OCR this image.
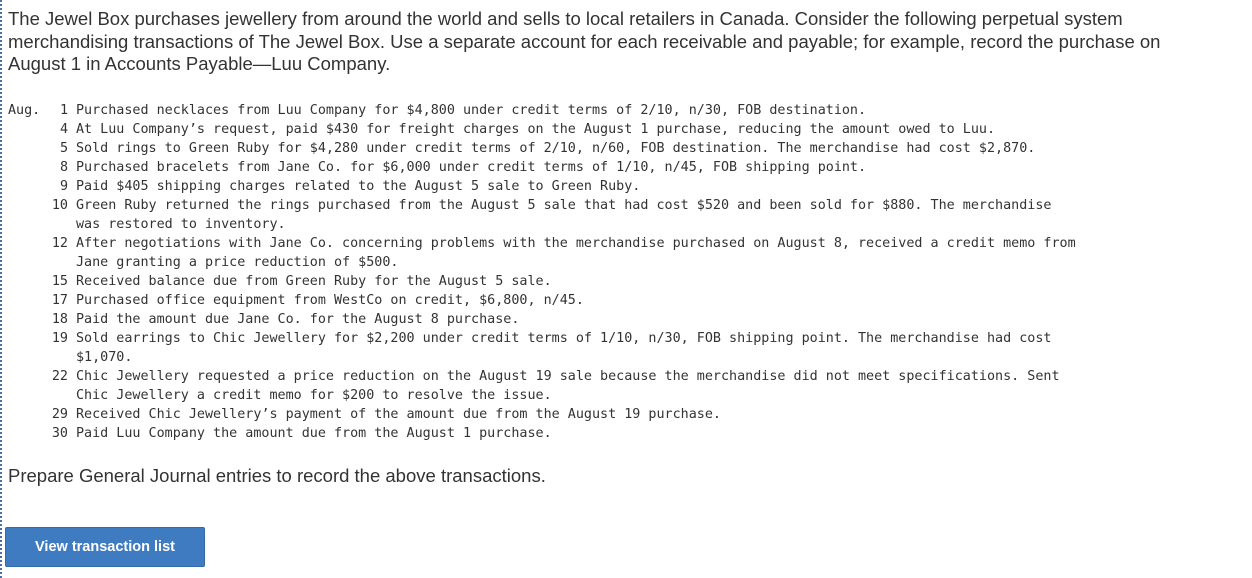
The Jewel Box purchases jewellery from around the world and sells to local retailers in Canada. Consider the following perpetual system merchandising transactions of The Jewel Box. Use a separate account for each receivable and payable; for example, record the purchase on August 1 in Accounts Payable—Luu Company.

Aug.	1 Purchased necklaces from Luu Company for $4,800 under credit terms of 2/10, n/30, FOB destination.
4 At Luu Company’s request, paid $430 for freight charges on the August 1 purchase, reducing the amount owed to Luu.
5 Sold rings to Green Ruby for $4,280 under credit terms of 2/10, n/60, FOB destination. The merchandise had cost $2,870.
8 Purchased bracelets from Jane Co. for $6,000 under credit terms of 1/10, n/45, FOB shipping point.
9 Paid $405 shipping charges related to the August 5 sale to Green Ruby.
10 Green Ruby returned the rings purchased from the August 5 sale that had cost $520 and been sold for $880. The merchandise
was restored to inventory.
12 After negotiations with Jane Co. concerning problems with the merchandise purchased on August 8, received a credit memo from
Jane granting a price reduction of $500.
15 Received balance due from Green Ruby for the August 5 sale.
17 Purchased office equipment from WestCo on credit, $6,800, n/45.
18 Paid the amount due Jane Co. for the August 8 purchase.
19 Sold earrings to Chic Jewellery for $2,200 under credit terms of 1/10, n/30, FOB shipping point. The merchandise had cost
$1,070.
22 Chic Jewellery requested a price reduction on the August 19 sale because the merchandise did not meet specifications. Sent
Chic Jewellery a credit memo for $200 to resolve the issue.
29 Received Chic Jewellery’s payment of the amount due from the August 19 purchase.
30 Paid Luu Company the amount due from the August 1 purchase.

Prepare General Journal entries to record the above transactions.

View transaction list
